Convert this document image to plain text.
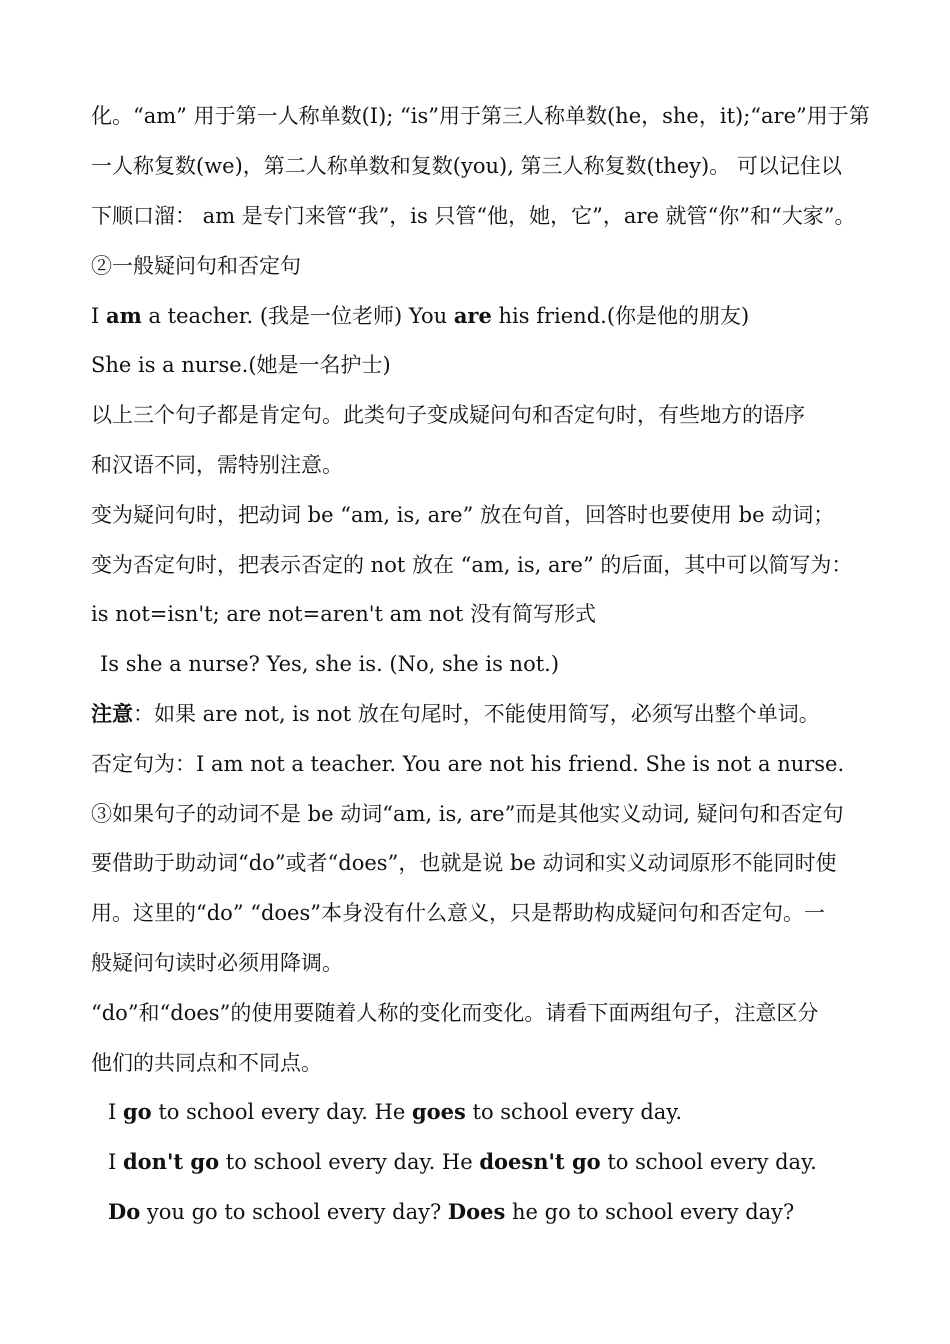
化。“am” 用于第一人称单数(I); “is”用于第三人称单数(he，she，it);“are”用于第
一人称复数(we)，第二人称单数和复数(you), 第三人称复数(they)。 可以记住以
下顺口溜： am 是专门来管“我”，is 只管“他，她，它”，are 就管“你”和“大家”。
②一般疑问句和否定句
I am a teacher. (我是一位老师) You are his friend.(你是他的朋友)
She is a nurse.(她是一名护士)
以上三个句子都是肯定句。此类句子变成疑问句和否定句时，有些地方的语序
和汉语不同，需特别注意。
变为疑问句时，把动词 be “am, is, are” 放在句首，回答时也要使用 be 动词；
变为否定句时，把表示否定的 not 放在 “am, is, are” 的后面，其中可以简写为：
is not=isn't; are not=aren't am not 没有简写形式
Is she a nurse? Yes, she is. (No, she is not.)
注意：如果 are not, is not 放在句尾时，不能使用简写，必须写出整个单词。
否定句为：I am not a teacher. You are not his friend. She is not a nurse.
③如果句子的动词不是 be 动词“am, is, are”而是其他实义动词, 疑问句和否定句
要借助于助动词“do”或者“does”，也就是说 be 动词和实义动词原形不能同时使
用。这里的“do” “does”本身没有什么意义，只是帮助构成疑问句和否定句。一
般疑问句读时必须用降调。
“do”和“does”的使用要随着人称的变化而变化。请看下面两组句子，注意区分
他们的共同点和不同点。
I go to school every day. He goes to school every day.
I don't go to school every day. He doesn't go to school every day.
Do you go to school every day? Does he go to school every day?
